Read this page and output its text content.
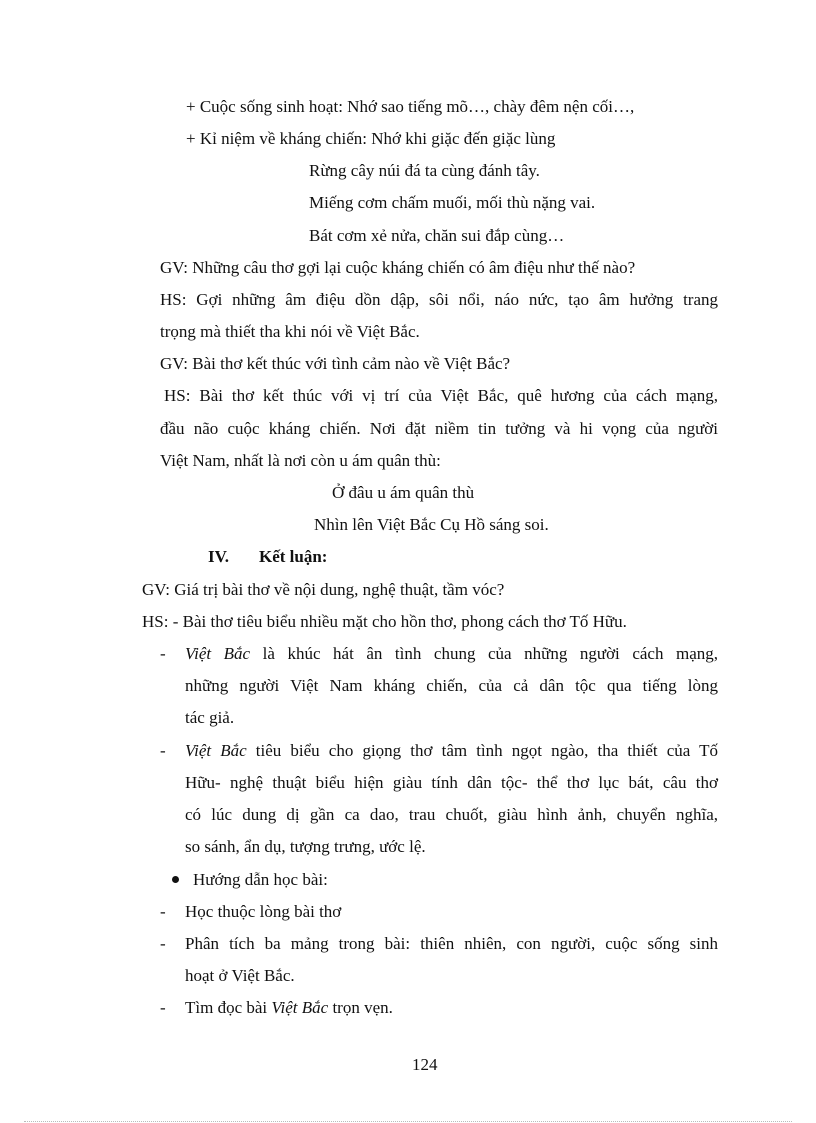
+ Cuộc sống sinh hoạt: Nhớ sao tiếng mõ…, chày đêm nện cối…,
+ Kỉ niệm về kháng chiến: Nhớ khi giặc đến giặc lùng
Rừng cây núi đá ta cùng đánh tây.
Miếng cơm chấm muối, mối thù nặng vai.
Bát cơm xẻ nửa, chăn sui đắp cùng…
GV: Những câu thơ gợi lại cuộc kháng chiến có âm điệu như thế nào?
HS: Gợi những âm điệu dồn dập, sôi nổi, náo nức, tạo âm hưởng trang
trọng mà thiết tha khi nói về Việt Bắc.
GV: Bài thơ kết thúc với tình cảm nào về Việt Bắc?
HS: Bài thơ kết thúc với vị trí của Việt Bắc, quê hương của cách mạng,
đầu não cuộc kháng chiến. Nơi đặt niềm tin tưởng và hi vọng của người
Việt Nam, nhất là nơi còn u ám quân thù:
Ở đâu u ám quân thù
Nhìn lên Việt Bắc Cụ Hồ sáng soi.
IV. Kết luận:
GV: Giá trị bài thơ về nội dung, nghệ thuật, tầm vóc?
HS: - Bài thơ tiêu biểu nhiều mặt cho hồn thơ, phong cách thơ Tố Hữu.
- Việt Bắc là khúc hát ân tình chung của những người cách mạng,
những người Việt Nam kháng chiến, của cả dân tộc qua tiếng lòng
tác giả.
- Việt Bắc tiêu biểu cho giọng thơ tâm tình ngọt ngào, tha thiết của Tố
Hữu- nghệ thuật biểu hiện giàu tính dân tộc- thể thơ lục bát, câu thơ
có lúc dung dị gần ca dao, trau chuốt, giàu hình ảnh, chuyển nghĩa,
so sánh, ẩn dụ, tượng trưng, ước lệ.
Hướng dẫn học bài:
- Học thuộc lòng bài thơ
- Phân tích ba mảng trong bài: thiên nhiên, con người, cuộc sống sinh
hoạt ở Việt Bắc.
- Tìm đọc bài Việt Bắc trọn vẹn.
124
